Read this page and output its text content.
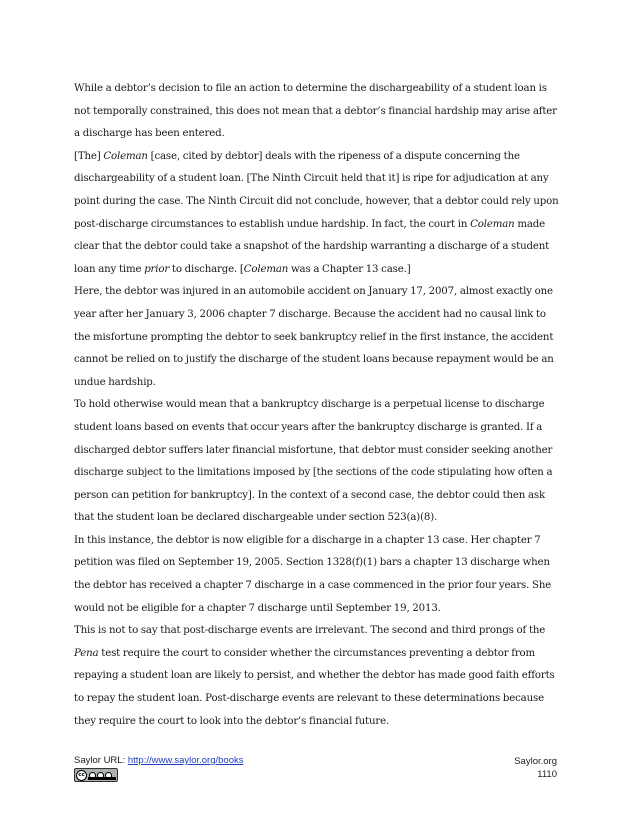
While a debtor’s decision to file an action to determine the dischargeability of a student loan is not temporally constrained, this does not mean that a debtor’s financial hardship may arise after a discharge has been entered.

[The] Coleman [case, cited by debtor] deals with the ripeness of a dispute concerning the dischargeability of a student loan. [The Ninth Circuit held that it] is ripe for adjudication at any point during the case. The Ninth Circuit did not conclude, however, that a debtor could rely upon post-discharge circumstances to establish undue hardship. In fact, the court in Coleman made clear that the debtor could take a snapshot of the hardship warranting a discharge of a student loan any time prior to discharge. [Coleman was a Chapter 13 case.]

Here, the debtor was injured in an automobile accident on January 17, 2007, almost exactly one year after her January 3, 2006 chapter 7 discharge. Because the accident had no causal link to the misfortune prompting the debtor to seek bankruptcy relief in the first instance, the accident cannot be relied on to justify the discharge of the student loans because repayment would be an undue hardship.

To hold otherwise would mean that a bankruptcy discharge is a perpetual license to discharge student loans based on events that occur years after the bankruptcy discharge is granted. If a discharged debtor suffers later financial misfortune, that debtor must consider seeking another discharge subject to the limitations imposed by [the sections of the code stipulating how often a person can petition for bankruptcy]. In the context of a second case, the debtor could then ask that the student loan be declared dischargeable under section 523(a)(8).

In this instance, the debtor is now eligible for a discharge in a chapter 13 case. Her chapter 7 petition was filed on September 19, 2005. Section 1328(f)(1) bars a chapter 13 discharge when the debtor has received a chapter 7 discharge in a case commenced in the prior four years. She would not be eligible for a chapter 7 discharge until September 19, 2013.

This is not to say that post-discharge events are irrelevant. The second and third prongs of the Pena test require the court to consider whether the circumstances preventing a debtor from repaying a student loan are likely to persist, and whether the debtor has made good faith efforts to repay the student loan. Post-discharge events are relevant to these determinations because they require the court to look into the debtor’s financial future.

Saylor URL: http://www.saylor.org/books
cc
Saylor.org
1110
